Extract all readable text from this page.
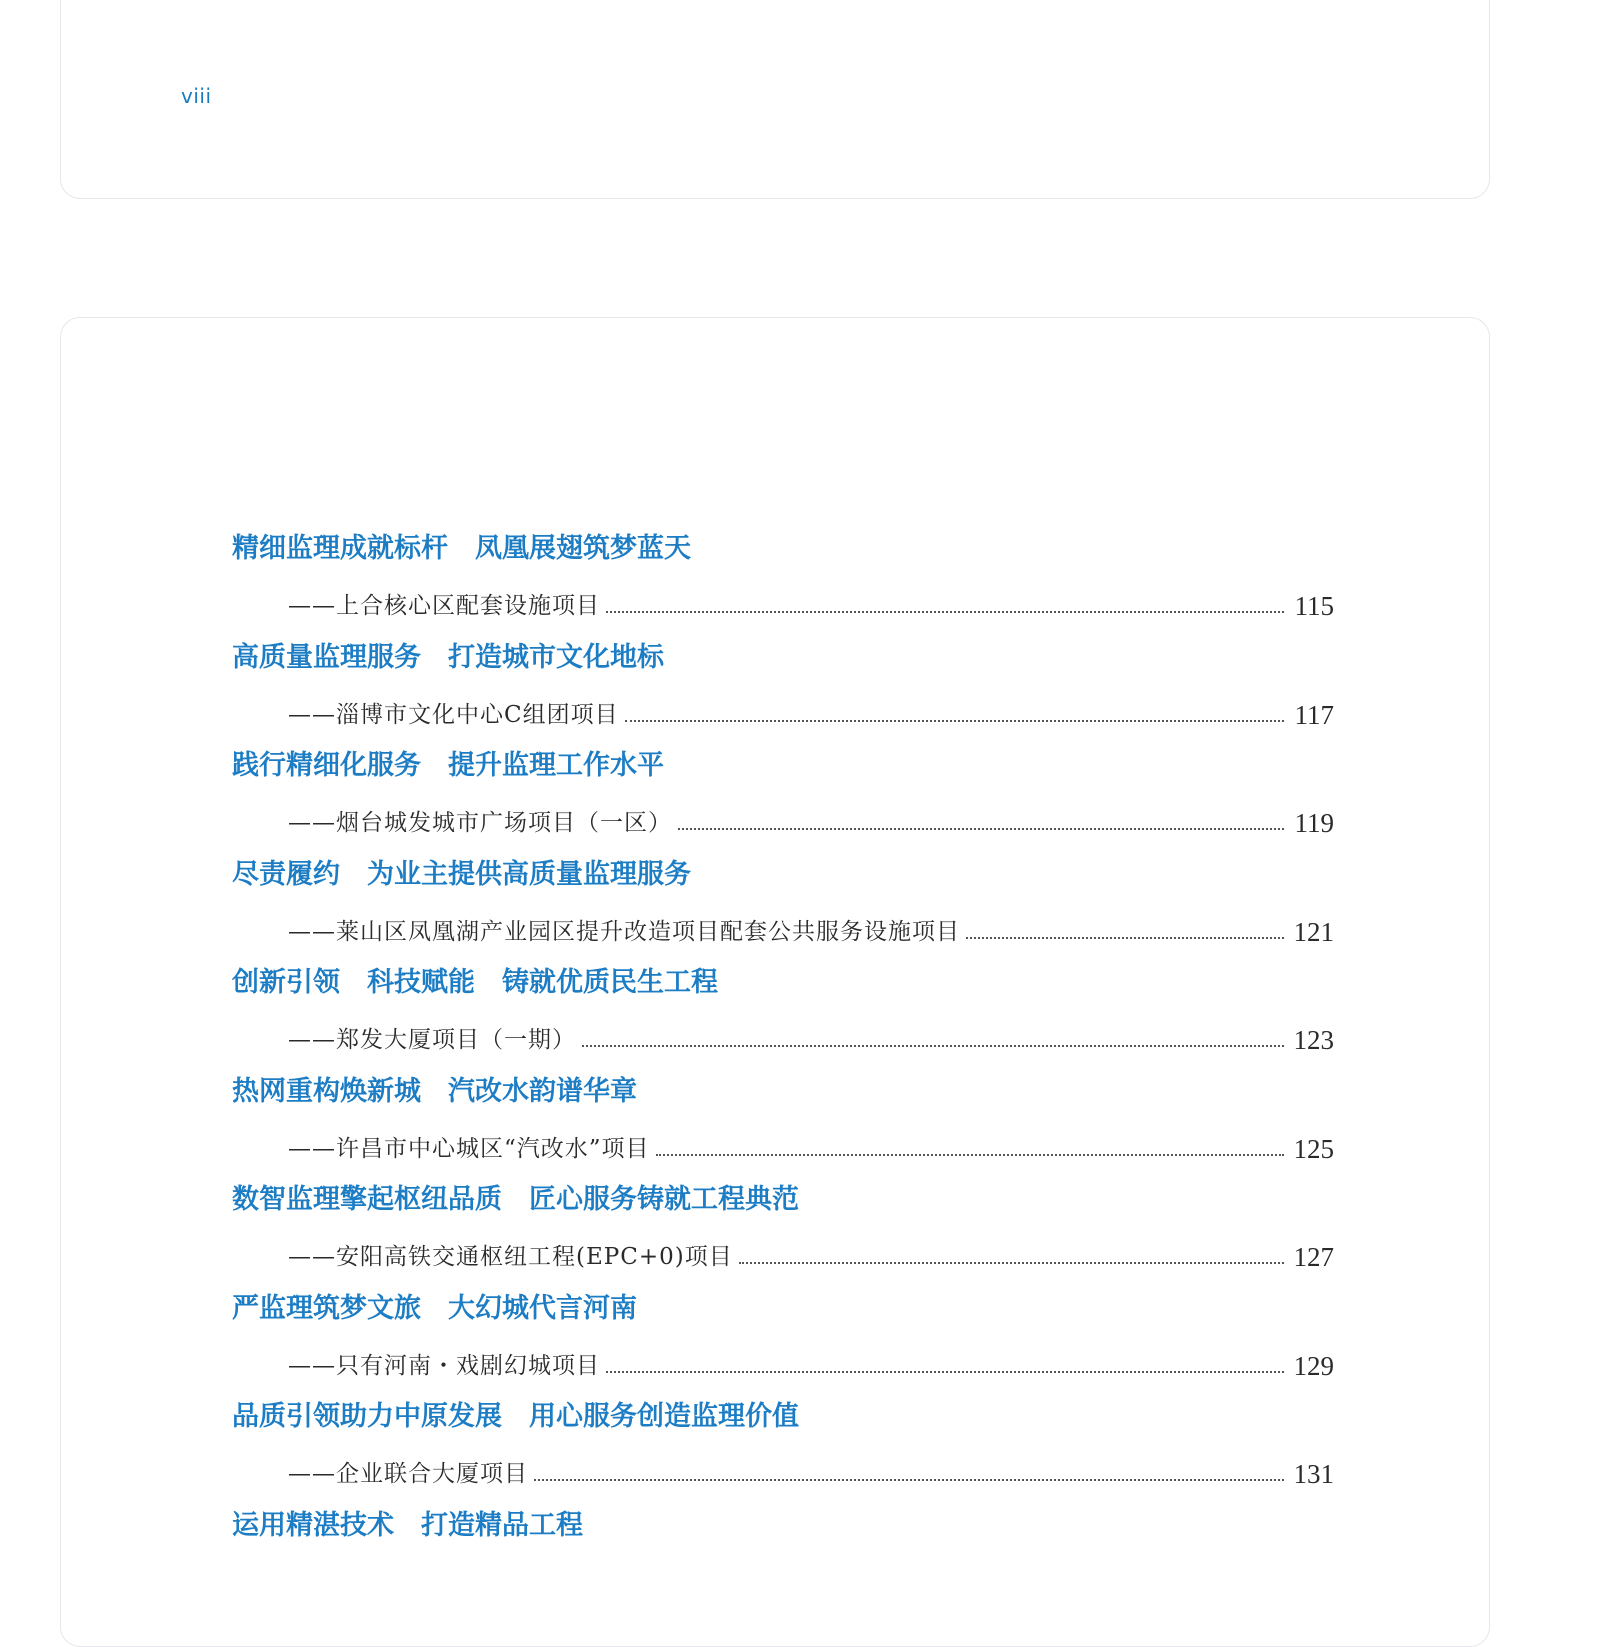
viii
精细监理成就标杆　凤凰展翅筑梦蓝天
——上合核心区配套设施项目	115
高质量监理服务　打造城市文化地标
——淄博市文化中心C组团项目	117
践行精细化服务　提升监理工作水平
——烟台城发城市广场项目（一区）	119
尽责履约　为业主提供高质量监理服务
——莱山区凤凰湖产业园区提升改造项目配套公共服务设施项目	121
创新引领　科技赋能　铸就优质民生工程
——郑发大厦项目（一期）	123
热网重构焕新城　汽改水韵谱华章
——许昌市中心城区“汽改水”项目	125
数智监理擎起枢纽品质　匠心服务铸就工程典范
——安阳高铁交通枢纽工程(EPC+0)项目	127
严监理筑梦文旅　大幻城代言河南
——只有河南・戏剧幻城项目	129
品质引领助力中原发展　用心服务创造监理价值
——企业联合大厦项目	131
运用精湛技术　打造精品工程
